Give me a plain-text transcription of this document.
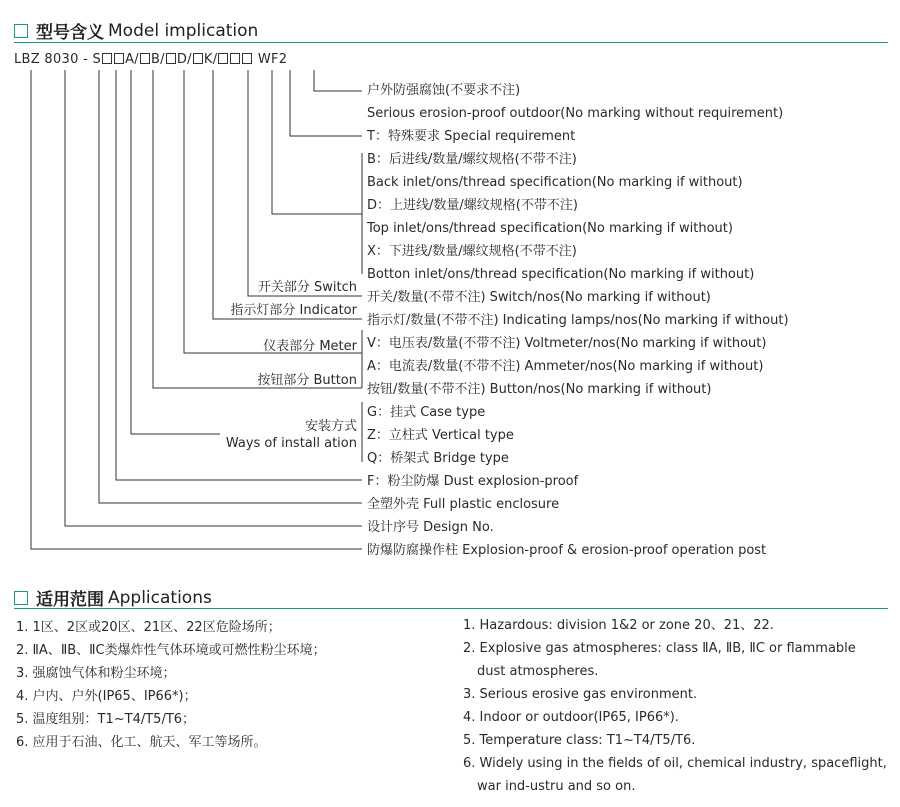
型号含义 Model implication
LBZ 8030 - S A/ B/ D/ K/	WF2
户外防强腐蚀(不要求不注)
Serious erosion-proof outdoor(No marking without requirement)
T：特殊要求 Special requirement
B：后进线/数量/螺纹规格(不带不注)
Back inlet/ons/thread specification(No marking if without)
D：上进线/数量/螺纹规格(不带不注)
Top inlet/ons/thread specification(No marking if without)
X：下进线/数量/螺纹规格(不带不注)
Botton inlet/ons/thread specification(No marking if without)
开关/数量(不带不注) Switch/nos(No marking if without)
指示灯/数量(不带不注) Indicating lamps/nos(No marking if without)
V：电压表/数量(不带不注) Voltmeter/nos(No marking if without)
A：电流表/数量(不带不注) Ammeter/nos(No marking if without)
按钮/数量(不带不注) Button/nos(No marking if without)
G：挂式 Case type
Z：立柱式 Vertical type
Q：桥架式 Bridge type
F：粉尘防爆 Dust explosion-proof
全塑外壳 Full plastic enclosure
设计序号 Design No.
防爆防腐操作柱 Explosion-proof & erosion-proof operation post
开关部分 Switch
指示灯部分 Indicator
仪表部分 Meter
按钮部分 Button
安装方式
Ways of install ation
适用范围 Applications
1. 1区、2区或20区、21区、22区危险场所；
2. ⅡA、ⅡB、ⅡC类爆炸性气体环境或可燃性粉尘环境；
3. 强腐蚀气体和粉尘环境；
4. 户内、户外(IP65、IP66*)；
5. 温度组别：T1~T4/T5/T6；
6. 应用于石油、化工、航天、军工等场所。
1. Hazardous: division 1&2 or zone 20、21、22.
2. Explosive gas atmospheres: class ⅡA, ⅡB, ⅡC or flammable
dust atmospheres.
3. Serious erosive gas environment.
4. Indoor or outdoor(IP65, IP66*).
5. Temperature class: T1~T4/T5/T6.
6. Widely using in the fields of oil, chemical industry, spaceflight,
war ind-ustru and so on.
